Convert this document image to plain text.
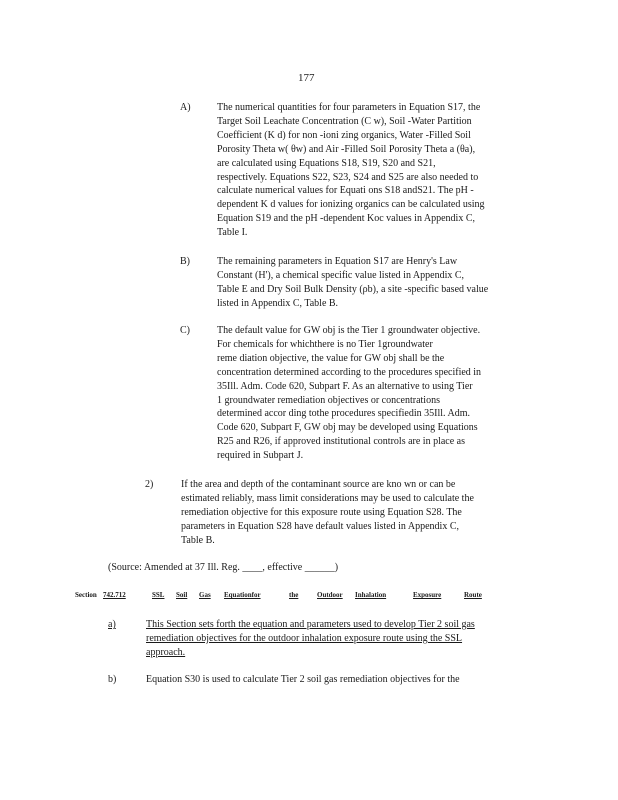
177
A)	The numerical quantities for four parameters in Equation S17, the
Target Soil Leachate Concentration (C w), Soil -Water Partition
Coefficient (K d) for non -ioni zing organics, Water -Filled Soil
Porosity Theta w( θw) and Air -Filled Soil Porosity Theta a (θa),
are calculated using Equations S18, S19, S20 and S21,
respectively. Equations S22, S23, S24 and S25 are also needed to
calculate numerical values for Equati ons S18 andS21. The pH -
dependent K d values for ionizing organics can be calculated using
Equation S19 and the pH -dependent Koc values in Appendix C,
Table I.
B)	The remaining parameters in Equation S17 are Henry's Law
Constant (H'), a chemical specific value listed in Appendix C,
Table E and Dry Soil Bulk Density (ρb), a site -specific based value
listed in Appendix C, Table B.
C)	The default value for GW obj is the Tier 1 groundwater objective.
For chemicals for whichthere is no Tier 1groundwater
reme diation objective, the value for GW obj shall be the
concentration determined according to the procedures specified in
35Ill. Adm. Code 620, Subpart F. As an alternative to using Tier
1 groundwater remediation objectives or concentrations
determined accor ding tothe procedures specifiedin 35Ill. Adm.
Code 620, Subpart F, GW obj may be developed using Equations
R25 and R26, if approved institutional controls are in place as
required in Subpart J.
2)	If the area and depth of the contaminant source are kno wn or can be
estimated reliably, mass limit considerations may be used to calculate the
remediation objective for this exposure route using Equation S28. The
parameters in Equation S28 have default values listed in Appendix C,
Table B.
(Source: Amended at 37 Ill. Reg. ____, effective ______)
Section 742.712	SSL Soil Gas Equationfor	the	Outdoor Inhalation	Exposure	Route
a)	This Section sets forth the equation and parameters used to develop Tier 2 soil gas
remediation objectives for the outdoor inhalation exposure route using the SSL
approach.
b)	Equation S30 is used to calculate Tier 2 soil gas remediation objectives for the
